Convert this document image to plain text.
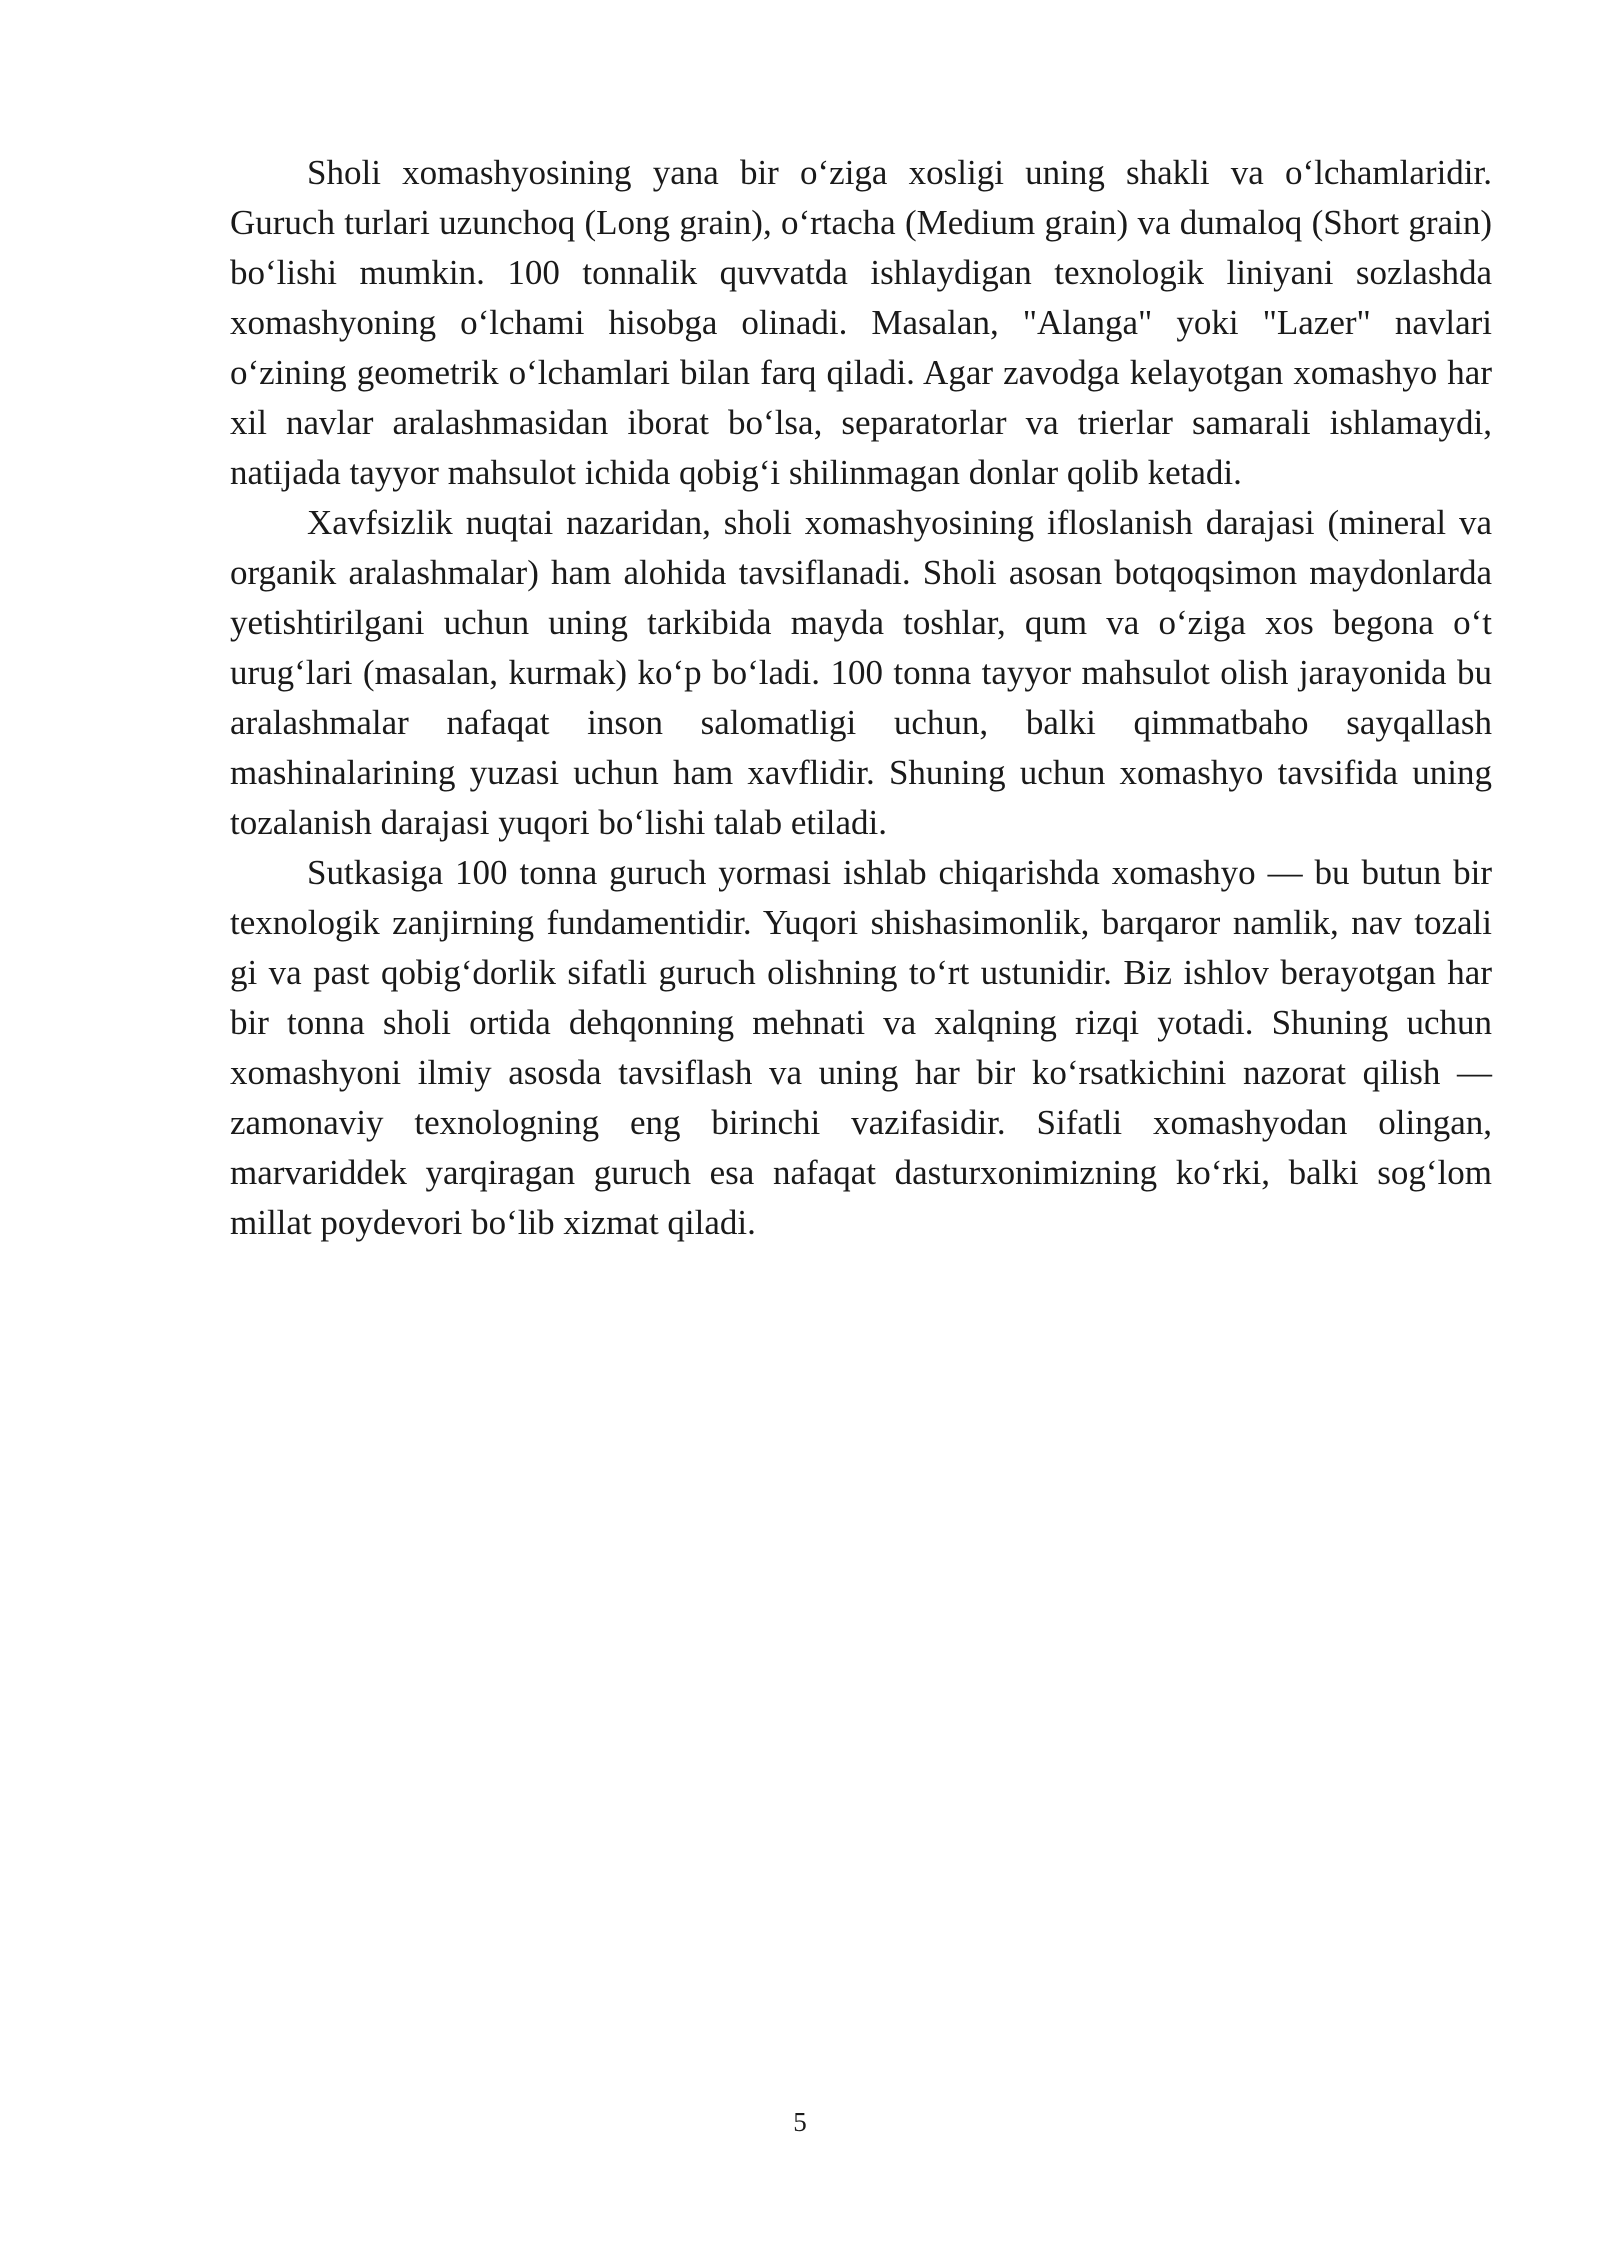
Sholi xomashyosining yana bir o‘ziga xosligi uning shakli va o‘lchamlaridir. Guruch turlari uzunchoq (Long grain), o‘rtacha (Medium grain) va dumaloq (Short grain) bo‘lishi mumkin. 100 tonnalik quvvatda ishlaydigan texnologik liniyani sozlashda xomashyoning o‘lchami hisobga olinadi. Masalan, "Alanga" yoki "Lazer" navlari o‘zining geometrik o‘lchamlari bilan farq qiladi. Agar zavodga kelayotgan xomashyo har xil navlar aralashmasidan iborat bo‘lsa, separatorlar va trierlar samarali ishlamaydi, natijada tayyor mahsulot ichida qobig‘i shilinmagan donlar qolib ketadi.

Xavfsizlik nuqtai nazaridan, sholi xomashyosining ifloslanish darajasi (mineral va organik aralashmalar) ham alohida tavsiflanadi. Sholi asosan botqoqsimon maydonlarda yetishtirilgani uchun uning tarkibida mayda toshlar, qum va o‘ziga xos begona o‘t urug‘lari (masalan, kurmak) ko‘p bo‘ladi. 100 tonna tayyor mahsulot olish jarayonida bu aralashmalar nafaqat inson salomatligi uchun, balki qimmatbaho sayqallash mashinalarining yuzasi uchun ham xavflidir. Shuning uchun xomashyo tavsifida uning tozalanish darajasi yuqori bo‘lishi talab etiladi.

Sutkasiga 100 tonna guruch yormasi ishlab chiqarishda xomashyo — bu butun bir texnologik zanjirning fundamentidir. Yuqori shishasimonlik, barqaror namlik, nav tozali gi va past qobig‘dorlik sifatli guruch olishning to‘rt ustunidir. Biz ishlov berayotgan har bir tonna sholi ortida dehqonning mehnati va xalqning rizqi yotadi. Shuning uchun xomashyoni ilmiy asosda tavsiflash va uning har bir ko‘rsatkichini nazorat qilish — zamonaviy texnologning eng birinchi vazifasidir. Sifatli xomashyodan olingan, marvariddek yarqiragan guruch esa nafaqat dasturxonimizning ko‘rki, balki sog‘lom millat poydevori bo‘lib xizmat qiladi.

5
